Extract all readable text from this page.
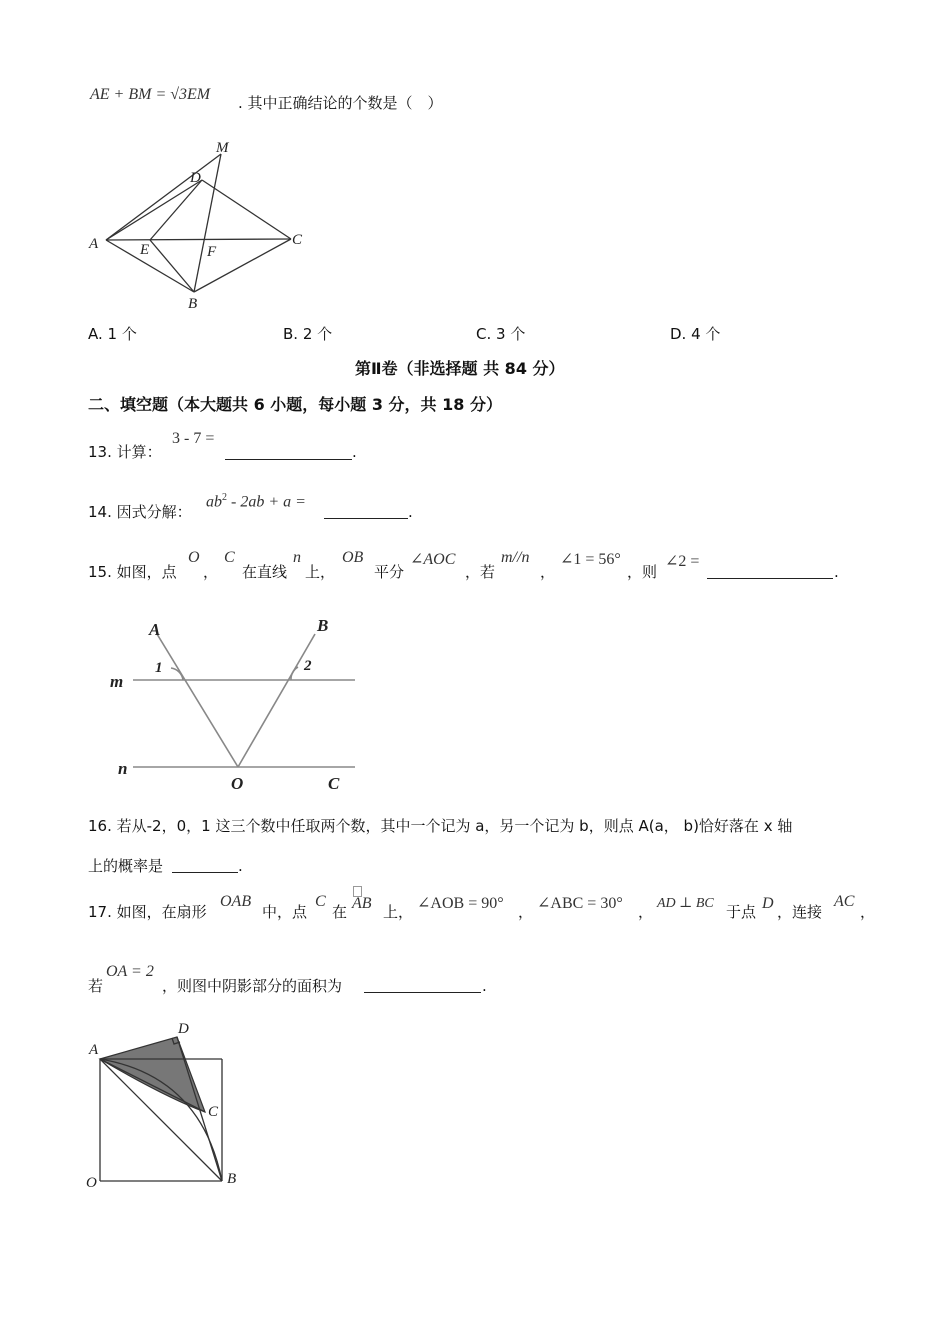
AE + BM = √3EM . 其中正确结论的个数是（　）
M
D
A	E	F
C
B
A. 1 个	B. 2 个	C. 3 个	D. 4 个
第Ⅱ卷（非选择题 共 84 分）
二、填空题（本大题共 6 小题，每小题 3 分，共 18 分）
13. 计算：
3 - 7 =
.
14. 因式分解：
$ab^2 - 2ab + a$ =
.
15. 如图，点
O
，
C
在直线
n
上，
OB
平分
∠AOC
，若
m//n
，
∠1 = 56°
，则
∠2 =
.
A	B
m
n
O	C
1	2
16. 若从-2，0，1 这三个数中任取两个数，其中一个记为 a，另一个记为 b，则点 A(a， b)恰好落在 x 轴
上的概率是	.
17. 如图，在扇形
OAB
中，点
C
在 AB 上， ∠AOB = 90° ， ∠ABC = 30° ， AD ⊥ BC 于点 D ，连接
AC
，
若
OA = 2
，则图中阴影部分的面积为	.
A
D
C
O	B
